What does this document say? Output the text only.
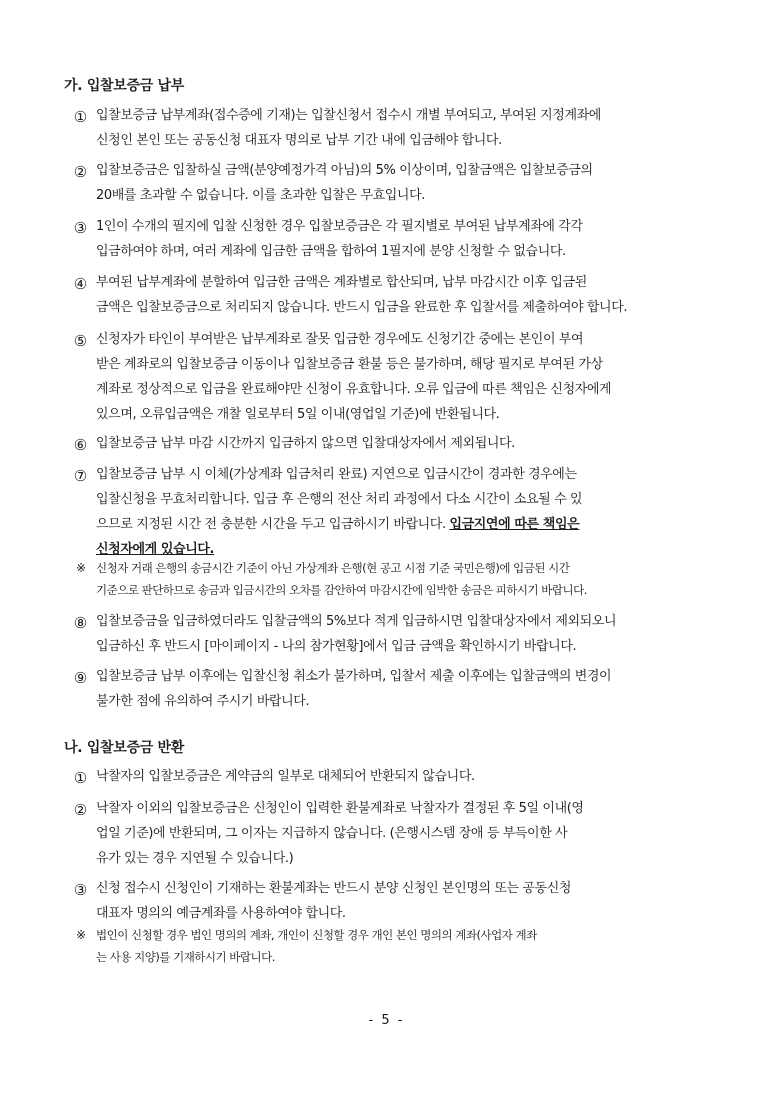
가. 입찰보증금 납부
① 입찰보증금 납부계좌(접수증에 기재)는 입찰신청서 접수시 개별 부여되고, 부여된 지정계좌에
신청인 본인 또는 공동신청 대표자 명의로 납부 기간 내에 입금해야 합니다.
② 입찰보증금은 입찰하실 금액(분양예정가격 아님)의 5% 이상이며, 입찰금액은 입찰보증금의
20배를 초과할 수 없습니다. 이를 초과한 입찰은 무효입니다.
③ 1인이 수개의 필지에 입찰 신청한 경우 입찰보증금은 각 필지별로 부여된 납부계좌에 각각
입금하여야 하며, 여러 계좌에 입금한 금액을 합하여 1필지에 분양 신청할 수 없습니다.
④ 부여된 납부계좌에 분할하여 입금한 금액은 계좌별로 합산되며, 납부 마감시간 이후 입금된
금액은 입찰보증금으로 처리되지 않습니다. 반드시 입금을 완료한 후 입찰서를 제출하여야 합니다.
⑤ 신청자가 타인이 부여받은 납부계좌로 잘못 입금한 경우에도 신청기간 중에는 본인이 부여
받은 계좌로의 입찰보증금 이동이나 입찰보증금 환불 등은 불가하며, 해당 필지로 부여된 가상
계좌로 정상적으로 입금을 완료해야만 신청이 유효합니다. 오류 입금에 따른 책임은 신청자에게
있으며, 오류입금액은 개찰 일로부터 5일 이내(영업일 기준)에 반환됩니다.
⑥ 입찰보증금 납부 마감 시간까지 입금하지 않으면 입찰대상자에서 제외됩니다.
⑦ 입찰보증금 납부 시 이체(가상계좌 입금처리 완료) 지연으로 입금시간이 경과한 경우에는
입찰신청을 무효처리합니다. 입금 후 은행의 전산 처리 과정에서 다소 시간이 소요될 수 있
으므로 지정된 시간 전 충분한 시간을 두고 입금하시기 바랍니다. 입금지연에 따른 책임은
신청자에게 있습니다.
※ 신청자 거래 은행의 송금시간 기준이 아닌 가상계좌 은행(현 공고 시점 기준 국민은행)에 입금된 시간
기준으로 판단하므로 송금과 입금시간의 오차를 감안하여 마감시간에 임박한 송금은 피하시기 바랍니다.
⑧ 입찰보증금을 입금하였더라도 입찰금액의 5%보다 적게 입금하시면 입찰대상자에서 제외되오니
입금하신 후 반드시 [마이페이지 - 나의 참가현황]에서 입금 금액을 확인하시기 바랍니다.
⑨ 입찰보증금 납부 이후에는 입찰신청 취소가 불가하며, 입찰서 제출 이후에는 입찰금액의 변경이
불가한 점에 유의하여 주시기 바랍니다.
나. 입찰보증금 반환
① 낙찰자의 입찰보증금은 계약금의 일부로 대체되어 반환되지 않습니다.
② 낙찰자 이외의 입찰보증금은 신청인이 입력한 환불계좌로 낙찰자가 결정된 후 5일 이내(영
업일 기준)에 반환되며, 그 이자는 지급하지 않습니다. (은행시스템 장애 등 부득이한 사
유가 있는 경우 지연될 수 있습니다.)
③ 신청 접수시 신청인이 기재하는 환불계좌는 반드시 분양 신청인 본인명의 또는 공동신청
대표자 명의의 예금계좌를 사용하여야 합니다.
※ 법인이 신청할 경우 법인 명의의 계좌, 개인이 신청할 경우 개인 본인 명의의 계좌(사업자 계좌
는 사용 지양)를 기재하시기 바랍니다.
- 5 -
